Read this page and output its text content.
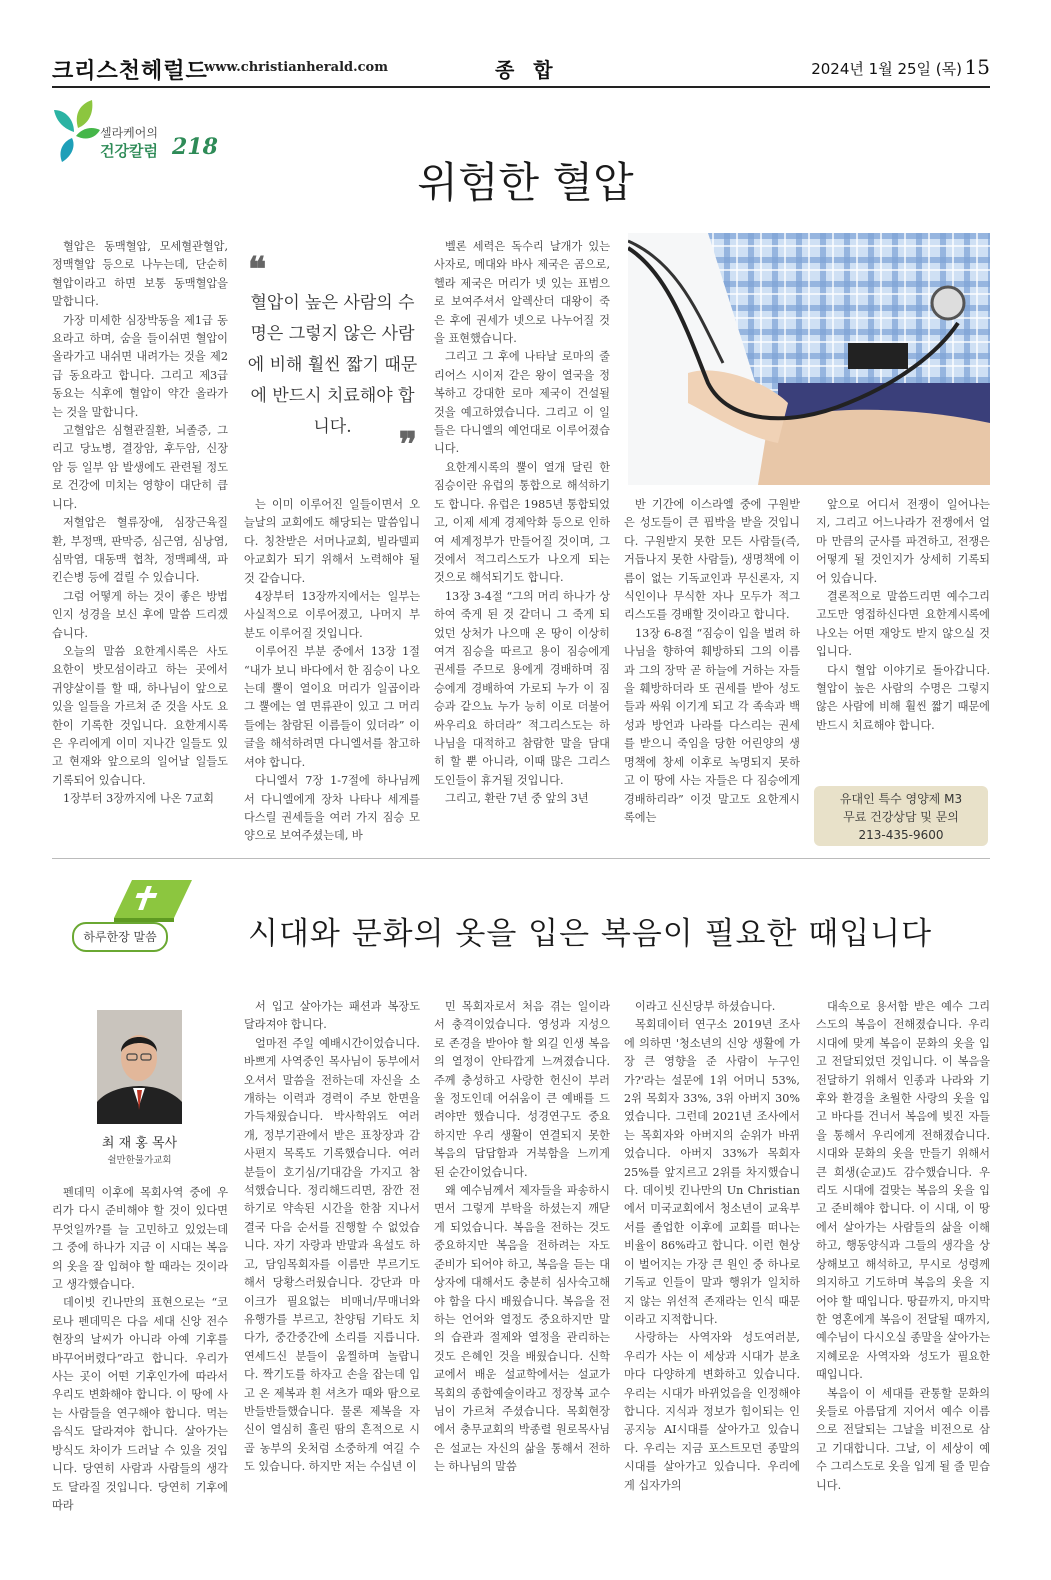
크리스천헤럴드
www.christianherald.com	종 합	2024년 1월 25일 (목) 15
셀라케어의
건강칼럼 218
위험한 혈압

혈압은 동맥혈압, 모세혈관혈압, 정맥혈압 등으로 나누는데, 단순히 혈압이라고 하면 보통 동맥혈압을 말합니다.

가장 미세한 심장박동을 제1급 동요라고 하며, 숨을 들이쉬면 혈압이 올라가고 내쉬면 내려가는 것을 제2급 동요라고 합니다. 그리고 제3급 동요는 식후에 혈압이 약간 올라가는 것을 말합니다.

고혈압은 심혈관질환, 뇌졸증, 그리고 당뇨병, 결장암, 후두암, 신장암 등 일부 암 발생에도 관련될 정도로 건강에 미치는 영향이 대단히 큽니다.

저혈압은 혈류장애, 심장근육질환, 부정맥, 판막증, 심근염, 심낭염, 심막염, 대동맥 협착, 정맥폐색, 파킨슨병 등에 걸릴 수 있습니다.

그럼 어떻게 하는 것이 좋은 방법인지 성경을 보신 후에 말씀 드리겠습니다.

오늘의 말씀 요한계시록은 사도 요한이 밧모섬이라고 하는 곳에서 귀양살이를 할 때, 하나님이 앞으로 있을 일들을 가르쳐 준 것을 사도 요한이 기록한 것입니다. 요한계시록은 우리에게 이미 지나간 일들도 있고 현재와 앞으로의 일어날 일들도 기록되어 있습니다.

1장부터 3장까지에 나온 7교회

❝
혈압이 높은 사람의 수명은 그렇지 않은 사람에 비해 훨씬 짧기 때문에 반드시 치료해야 합니다.	❞

는 이미 이루어진 일들이면서 오늘날의 교회에도 해당되는 말씀입니다. 칭찬받은 서머나교회, 빌라델피아교회가 되기 위해서 노력해야 될 것 같습니다.

4장부터 13장까지에서는 일부는 사실적으로 이루어졌고, 나머지 부분도 이루어질 것입니다.

이루어진 부분 중에서 13장 1절 “내가 보니 바다에서 한 짐승이 나오는데 뿔이 열이요 머리가 일곱이라 그 뿔에는 열 면류관이 있고 그 머리들에는 참람된 이름들이 있더라” 이글을 해석하려면 다니엘서를 참고하셔야 합니다.

다니엘서 7장 1-7절에 하나님께서 다니엘에게 장차 나타나 세계를 다스릴 권세들을 여러 가지 짐승 모양으로 보여주셨는데, 바

벨론 세력은 독수리 날개가 있는 사자로, 메대와 바사 제국은 곰으로, 헬라 제국은 머리가 넷 있는 표범으로 보여주셔서 알렉산더 대왕이 죽은 후에 권세가 넷으로 나누어질 것을 표현했습니다.

그리고 그 후에 나타날 로마의 줄리어스 시이저 같은 왕이 열국을 정복하고 강대한 로마 제국이 건설될 것을 예고하였습니다. 그리고 이 일들은 다니엘의 예언대로 이루어졌습니다.

요한계시록의 뿔이 열개 달린 한 짐승이란 유럽의 통합으로 해석하기도 합니다. 유럽은 1985년 통합되었고, 이제 세계 경제악화 등으로 인하여 세계정부가 만들어질 것이며, 그것에서 적그리스도가 나오게 되는 것으로 해석되기도 합니다.

13장 3-4절 “그의 머리 하나가 상하여 죽게 된 것 같더니 그 죽게 되었던 상처가 나으매 온 땅이 이상히 여겨 짐승을 따르고 용이 짐승에게 권세를 주므로 용에게 경배하며 짐승에게 경배하여 가로되 누가 이 짐승과 같으뇨 누가 능히 이로 더불어 싸우리요 하더라” 적그리스도는 하나님을 대적하고 참람한 말을 담대히 할 뿐 아니라, 이때 많은 그리스도인들이 휴거될 것입니다.

그리고, 환란 7년 중 앞의 3년

반 기간에 이스라엘 중에 구원받은 성도들이 큰 핍박을 받을 것입니다. 구원받지 못한 모든 사람들(즉, 거듭나지 못한 사람들), 생명책에 이름이 없는 기독교인과 무신론자, 지식인이나 무식한 자나 모두가 적그리스도를 경배할 것이라고 합니다.

13장 6-8절 “짐승이 입을 벌려 하나님을 향하여 훼방하되 그의 이름과 그의 장막 곧 하늘에 거하는 자들을 훼방하더라 또 권세를 받아 성도들과 싸워 이기게 되고 각 족속과 백성과 방언과 나라를 다스리는 권세를 받으니 죽임을 당한 어린양의 생명책에 창세 이후로 녹명되지 못하고 이 땅에 사는 자들은 다 짐승에게 경배하리라” 이것 말고도 요한계시록에는

앞으로 어디서 전쟁이 일어나는지, 그리고 어느나라가 전쟁에서 얼마 만큼의 군사를 파견하고, 전쟁은 어떻게 될 것인지가 상세히 기록되어 있습니다.

결론적으로 말씀드리면 예수그리고도만 영접하신다면 요한계시록에 나오는 어떤 재앙도 받지 않으실 것입니다.

다시 혈압 이야기로 돌아갑니다. 혈압이 높은 사람의 수명은 그렇지 않은 사람에 비해 훨씬 짧기 때문에 반드시 치료해야 합니다.

유대인 특수 영양제 M3
무료 건강상담 및 문의
213-435-9600
하루한장 말씀	시대와 문화의 옷을 입은 복음이 필요한 때입니다
최 재 홍 목사
쉴만한물가교회

펜데믹 이후에 목회사역 중에 우리가 다시 준비해야 할 것이 있다면 무엇일까?를 늘 고민하고 있었는데 그 중에 하나가 지금 이 시대는 복음의 옷을 잘 입혀야 할 때라는 것이라고 생각했습니다.

데이빗 킨나만의 표현으로는 “코로나 펜데믹은 다음 세대 신앙 전수 현장의 날씨가 아니라 아예 기후를 바꾸어버렸다”라고 합니다. 우리가 사는 곳이 어떤 기후인가에 따라서 우리도 변화해야 합니다. 이 땅에 사는 사람들을 연구해야 합니다. 먹는 음식도 달라져야 합니다. 살아가는 방식도 차이가 드러날 수 있을 것입니다. 당연히 사람과 사람들의 생각도 달라질 것입니다. 당연히 기후에 따라

서 입고 살아가는 패션과 복장도 달라져야 합니다.

얼마전 주일 예배시간이었습니다. 바쁘게 사역중인 목사님이 동부에서 오셔서 말씀을 전하는데 자신을 소개하는 이력과 경력이 주보 한면을 가득채웠습니다. 박사학위도 여러개, 정부기관에서 받은 표창장과 감사편지 목록도 기록했습니다. 여러분들이 호기심/기대감을 가지고 참석했습니다. 정리해드리면, 잠깐 전하기로 약속된 시간을 한참 지나서 결국 다음 순서를 진행할 수 없었습니다. 자기 자랑과 반말과 욕설도 하고, 담임목회자를 이름만 부르기도 해서 당황스러웠습니다. 강단과 마이크가 필요없는 비매너/무매너와 유행가를 부르고, 찬양팀 기타도 치다가, 중간중간에 소리를 지릅니다. 연세드신 분들이 움찔하며 놀랍니다. 짝기도를 하자고 손을 잡는데 입고 온 제복과 흰 셔츠가 때와 땀으로 반들반들했습니다. 물론 제복을 자신이 열심히 흘린 땀의 흔적으로 시골 농부의 옷처럼 소중하게 여길 수도 있습니다. 하지만 저는 수십년 이

민 목회자로서 처음 겪는 일이라서 충격이었습니다. 영성과 지성으로 존경을 받아야 할 외길 인생 복음의 열정이 안타깝게 느껴졌습니다. 주께 충성하고 사랑한 헌신이 부러울 정도인데 어쉬움이 큰 예배를 드려야만 했습니다. 성경연구도 중요하지만 우리 생활이 연결되지 못한 복음의 답답함과 거북함을 느끼게 된 순간이었습니다.

왜 예수님께서 제자들을 파송하시면서 그렇게 부탁을 하셨는지 깨닫게 되었습니다. 복음을 전하는 것도 중요하지만 복음을 전하려는 자도 준비가 되어야 하고, 복음을 듣는 대상자에 대해서도 충분히 심사숙고해야 함을 다시 배웠습니다. 복음을 전하는 언어와 열정도 중요하지만 말의 습관과 절제와 열정을 관리하는 것도 은혜인 것을 배웠습니다. 신학교에서 배운 설교학에서는 설교가 목회의 종합예술이라고 정장복 교수님이 가르쳐 주셨습니다. 목회현장에서 충무교회의 박종렬 원로목사님은 설교는 자신의 삶을 통해서 전하는 하나님의 말씀

이라고 신신당부 하셨습니다.

목회데이터 연구소 2019년 조사에 의하면 '청소년의 신앙 생활에 가장 큰 영향을 준 사람이 누구인가?'라는 설문에 1위 어머니 53%, 2위 목회자 33%, 3위 아버지 30%였습니다. 그런데 2021년 조사에서는 목회자와 아버지의 순위가 바뀌었습니다. 아버지 33%가 목회자 25%를 앞지르고 2위를 차지했습니다. 데이빗 킨나만의 Un Christian에서 미국교회에서 청소년이 교육부서를 졸업한 이후에 교회를 떠나는 비율이 86%라고 합니다. 이런 현상이 벌어지는 가장 큰 원인 중 하나로 기독교 인들이 말과 행위가 일치하지 않는 위선적 존재라는 인식 때문이라고 지적합니다.

사랑하는 사역자와 성도여러분, 우리가 사는 이 세상과 시대가 분초마다 다양하게 변화하고 있습니다. 우리는 시대가 바뀌었음을 인정해야 합니다. 지식과 정보가 힘이되는 인공지능 AI시대를 살아가고 있습니다. 우리는 지금 포스트모던 종말의 시대를 살아가고 있습니다. 우리에게 십자가의

대속으로 용서함 받은 예수 그리스도의 복음이 전해졌습니다. 우리 시대에 맞게 복음이 문화의 옷을 입고 전달되었던 것입니다. 이 복음을 전달하기 위해서 인종과 나라와 기후와 환경을 초월한 사랑의 옷을 입고 바다를 건너서 복음에 빚진 자들을 통해서 우리에게 전해졌습니다. 시대와 문화의 옷을 만들기 위해서 큰 희생(순교)도 감수했습니다. 우리도 시대에 걸맞는 복음의 옷을 입고 준비해야 합니다. 이 시대, 이 땅에서 살아가는 사람들의 삶을 이해하고, 행동양식과 그들의 생각을 상상해보고 해석하고, 무시로 성령께 의지하고 기도하며 복음의 옷을 지어야 할 때입니다. 땅끝까지, 마지막 한 영혼에게 복음이 전달될 때까지, 예수님이 다시오실 종말을 살아가는 지혜로운 사역자와 성도가 필요한 때입니다.

복음이 이 세대를 관통할 문화의 옷들로 아름답게 지어서 예수 이름으로 전달되는 그날을 비전으로 삼고 기대합니다. 그날, 이 세상이 예수 그리스도로 옷을 입게 될 줄 믿습니다.
